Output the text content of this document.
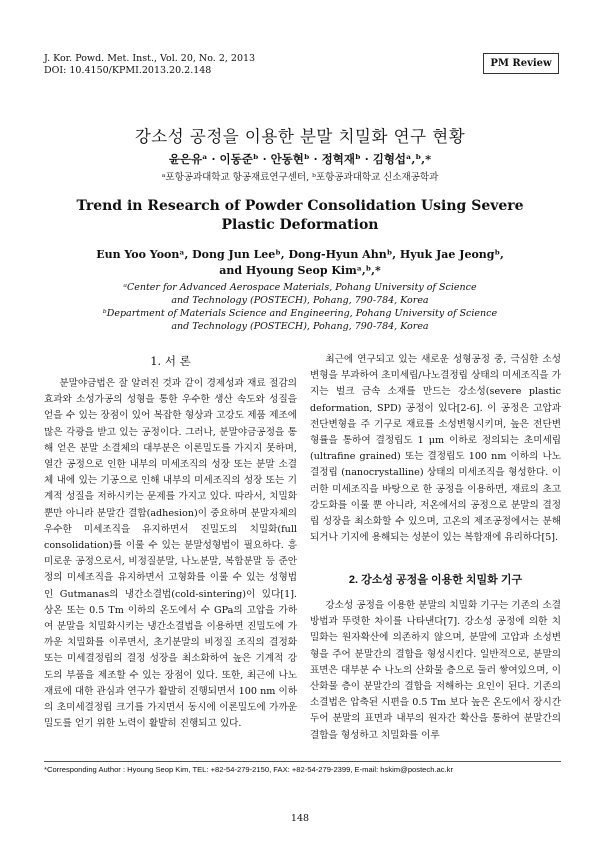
J. Kor. Powd. Met. Inst., Vol. 20, No. 2, 2013
DOI: 10.4150/KPMI.2013.20.2.148
PM Review
강소성 공정을 이용한 분말 치밀화 연구 현황
윤은유ᵃ · 이동준ᵇ · 안동현ᵇ · 정혁재ᵇ · 김형섭ᵃ,ᵇ,*
ᵃ포항공과대학교 항공재료연구센터, ᵇ포항공과대학교 신소재공학과
Trend in Research of Powder Consolidation Using Severe
Plastic Deformation
Eun Yoo Yoonᵃ, Dong Jun Leeᵇ, Dong-Hyun Ahnᵇ, Hyuk Jae Jeongᵇ,
and Hyoung Seop Kimᵃ,ᵇ,*
ᵃCenter for Advanced Aerospace Materials, Pohang University of Science
and Technology (POSTECH), Pohang, 790-784, Korea
ᵇDepartment of Materials Science and Engineering, Pohang University of Science
and Technology (POSTECH), Pohang, 790-784, Korea
1. 서 론

분말야금법은 잘 알려진 것과 같이 경제성과 재료 절감의 효과와 소성가공의 성형을 통한 우수한 생산 속도와 성질을 얻을 수 있는 장점이 있어 복잡한 형상과 고강도 제품 제조에 많은 각광을 받고 있는 공정이다. 그러나, 분말야금공정을 통해 얻은 분말 소결체의 대부분은 이론밀도를 가지지 못하며, 열간 공정으로 인한 내부의 미세조직의 성장 또는 분말 소결체 내에 있는 기공으로 인해 내부의 미세조직의 성장 또는 기계적 성질을 저하시키는 문제를 가지고 있다. 따라서, 치밀화뿐만 아니라 분말간 결합(adhesion)이 중요하며 분말자체의 우수한 미세조직을 유지하면서 진밀도의 치밀화(full consolidation)를 이룰 수 있는 분말성형법이 필요하다. 흥미로운 공정으로서, 비정질분말, 나노분말, 복합분말 등 준안정의 미세조직을 유지하면서 고형화를 이룰 수 있는 성형법인 Gutmanas의 냉간소결법(cold-sintering)이 있다[1]. 상온 또는 0.5 Tm 이하의 온도에서 수 GPa의 고압을 가하여 분말을 치밀화시키는 냉간소결법을 이용하면 진밀도에 가까운 치밀화를 이루면서, 초기분말의 비정질 조직의 결정화 또는 미세결정립의 결정 성장을 최소화하여 높은 기계적 강도의 부품을 제조할 수 있는 장점이 있다. 또한, 최근에 나노재료에 대한 관심과 연구가 활발히 진행되면서 100 nm 이하의 초미세결정립 크기를 가지면서 동시에 이론밀도에 가까운 밀도를 얻기 위한 노력이 활발히 진행되고 있다.

최근에 연구되고 있는 새로운 성형공정 중, 극심한 소성변형을 부과하여 초미세립/나노결정립 상태의 미세조직을 가지는 벌크 금속 소재를 만드는 강소성(severe plastic deformation, SPD) 공정이 있다[2-6]. 이 공정은 고압과 전단변형을 주 기구로 재료를 소성변형시키며, 높은 전단변형률을 통하여 결정립도 1 μm 이하로 정의되는 초미세립(ultrafine grained) 또는 결정립도 100 nm 이하의 나노결정립 (nanocrystalline) 상태의 미세조직을 형성한다. 이러한 미세조직을 바탕으로 한 공정을 이용하면, 재료의 초고강도화를 이룰 뿐 아니라, 저온에서의 공정으로 분말의 결정립 성장을 최소화할 수 있으며, 고온의 제조공정에서는 분해되거나 기지에 용해되는 성분이 있는 복합재에 유리하다[5].

2. 강소성 공정을 이용한 치밀화 기구

강소성 공정을 이용한 분말의 치밀화 기구는 기존의 소결 방법과 뚜렷한 차이를 나타낸다[7]. 강소성 공정에 의한 치밀화는 원자확산에 의존하지 않으며, 분말에 고압과 소성변형을 주어 분말간의 결합을 형성시킨다. 일반적으로, 분말의 표면은 대부분 수 나노의 산화물 층으로 둘러 쌓여있으며, 이 산화물 층이 분말간의 결합을 저해하는 요인이 된다. 기존의 소결법은 압축된 시편을 0.5 Tm 보다 높은 온도에서 장시간 두어 분말의 표면과 내부의 원자간 확산을 통하여 분말간의 결합을 형성하고 치밀화를 이루

*Corresponding Author : Hyoung Seop Kim, TEL: +82-54-279-2150, FAX: +82-54-279-2399, E-mail: hskim@postech.ac.kr
148
